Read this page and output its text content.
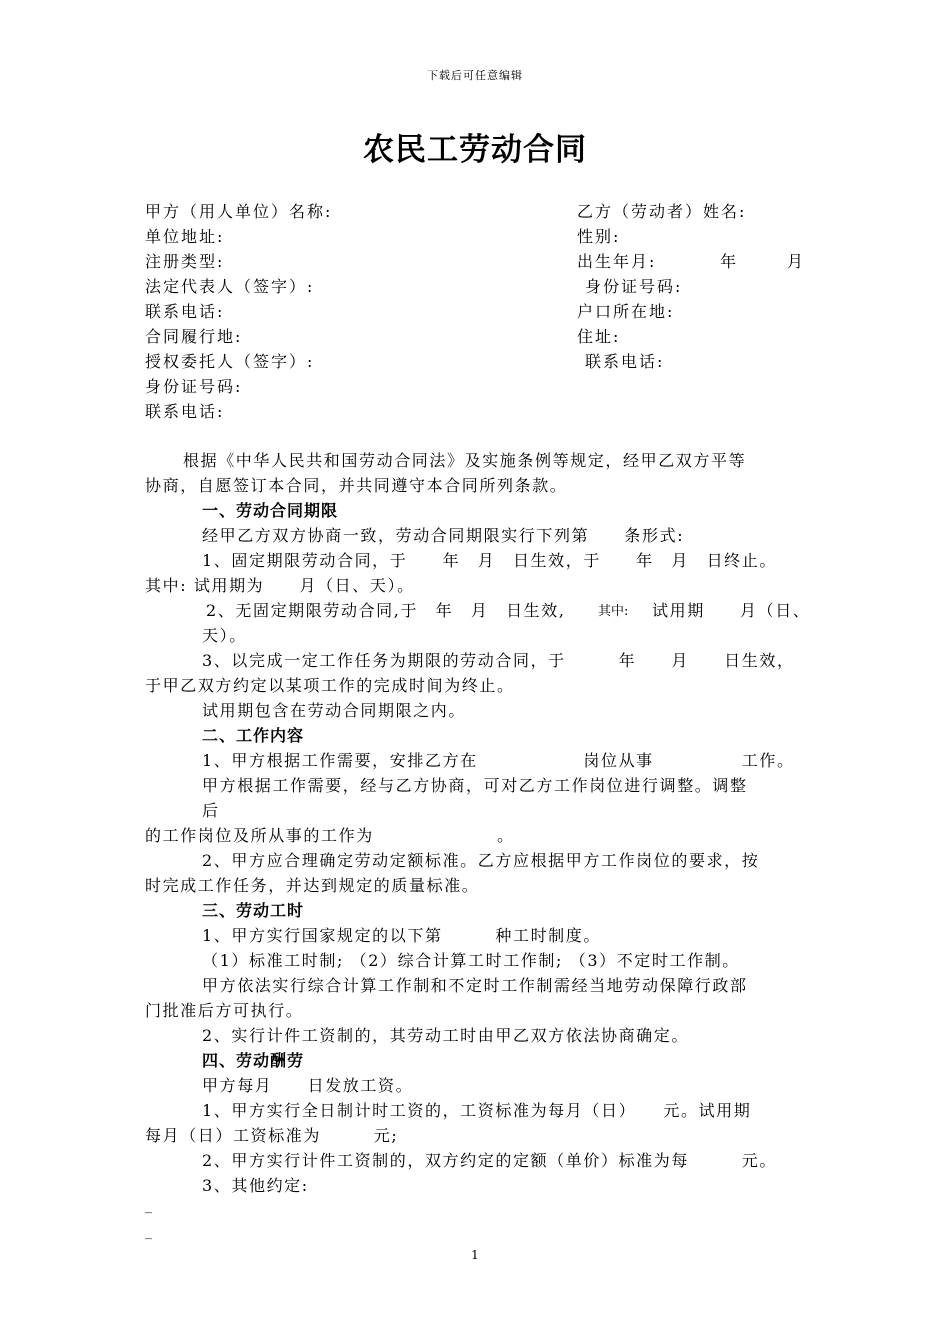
下载后可任意编辑
农民工劳动合同
甲方（用人单位）名称:
单位地址:
注册类型:
法定代表人（签字）:
联系电话:
合同履行地:
授权委托人（签字）:
身份证号码:
联系电话:
乙方（劳动者）姓名:
性别:
出生年月:	年	月
身份证号码:
户口所在地:
住址:
联系电话:
根据《中华人民共和国劳动合同法》及实施条例等规定，经甲乙双方平等
协商，自愿签订本合同，并共同遵守本合同所列条款。
一、劳动合同期限
经甲乙方双方协商一致，劳动合同期限实行下列第　　条形式:
1、固定期限劳动合同，于　　年　月　日生效，于　　年　月　日终止。
其中: 试用期为　　月（日、天）。
2、无固定期限劳动合同,于　年　月　日生效, 其中: 试用期　　月（日、
天）。
3、以完成一定工作任务为期限的劳动合同，于　　　年　　月　　日生效，
于甲乙双方约定以某项工作的完成时间为终止。
试用期包含在劳动合同期限之内。
二、工作内容
1、甲方根据工作需要，安排乙方在　　　　　　岗位从事　　　　　工作。
甲方根据工作需要，经与乙方协商，可对乙方工作岗位进行调整。调整
后
的工作岗位及所从事的工作为　　　　　　　。
2、甲方应合理确定劳动定额标准。乙方应根据甲方工作岗位的要求，按
时完成工作任务，并达到规定的质量标准。
三、劳动工时
1、甲方实行国家规定的以下第　　　种工时制度。
（1）标准工时制; （2）综合计算工时工作制; （3）不定时工作制。
甲方依法实行综合计算工作制和不定时工作制需经当地劳动保障行政部
门批准后方可执行。
2、实行计件工资制的，其劳动工时由甲乙双方依法协商确定。
四、劳动酬劳
甲方每月　　日发放工资。
1、甲方实行全日制计时工资的，工资标准为每月（日）　　元。试用期
每月（日）工资标准为　　　元;
2、甲方实行计件工资制的，双方约定的定额（单价）标准为每　　　元。
3、其他约定:
_
_
1
